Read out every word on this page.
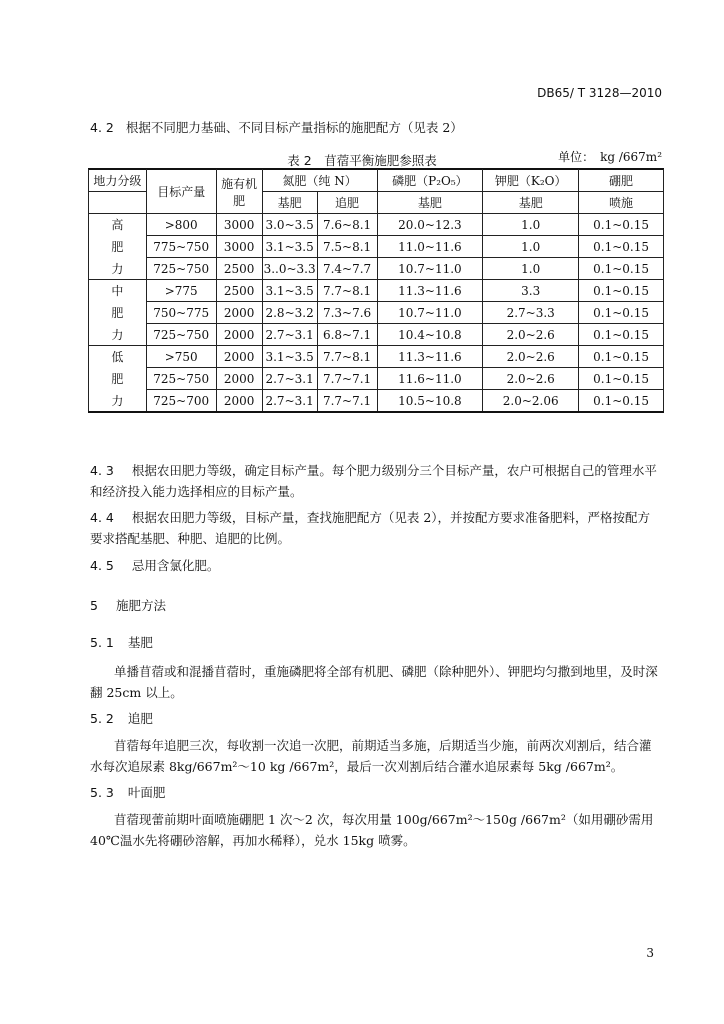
DB65/ T 3128—2010
4. 2 根据不同肥力基础、不同目标产量指标的施肥配方（见表 2）
表 2　苜蓿平衡施肥参照表	单位：　kg /667m²
地力分级	目标产量	施有机肥	氮肥（纯 N）		磷肥（P₂O₅）	钾肥（K₂O）	硼肥

			基肥	追肥	基肥	基肥	喷施
高	>800	3000	3.0~3.5	7.6~8.1	20.0~12.3	1.0	0.1~0.15
肥	775~750	3000	3.1~3.5	7.5~8.1	11.0~11.6	1.0	0.1~0.15
力	725~750	2500	3..0~3.3	7.4~7.7	10.7~11.0	1.0	0.1~0.15
中	>775	2500	3.1~3.5	7.7~8.1	11.3~11.6	3.3	0.1~0.15
肥	750~775	2000	2.8~3.2	7.3~7.6	10.7~11.0	2.7~3.3	0.1~0.15
力	725~750	2000	2.7~3.1	6.8~7.1	10.4~10.8	2.0~2.6	0.1~0.15
低	>750	2000	3.1~3.5	7.7~8.1	11.3~11.6	2.0~2.6	0.1~0.15
肥	725~750	2000	2.7~3.1	7.7~7.1	11.6~11.0	2.0~2.6	0.1~0.15
力	725~700	2000	2.7~3.1	7.7~7.1	10.5~10.8	2.0~2.06	0.1~0.15
4. 3 根据农田肥力等级，确定目标产量。每个肥力级别分三个目标产量，农户可根据自己的管理水平和经济投入能力选择相应的目标产量。
4. 4 根据农田肥力等级，目标产量，查找施肥配方（见表 2），并按配方要求准备肥料，严格按配方要求搭配基肥、种肥、追肥的比例。
4. 5 忌用含氯化肥。
5 施肥方法
5. 1 基肥
单播苜蓿或和混播苜蓿时，重施磷肥将全部有机肥、磷肥（除种肥外）、钾肥均匀撒到地里，及时深翻 25cm 以上。
5. 2 追肥
苜蓿每年追肥三次，每收割一次追一次肥，前期适当多施，后期适当少施，前两次刈割后，结合灌水每次追尿素 8kg/667m²～10 kg /667m²，最后一次刈割后结合灌水追尿素每 5kg /667m²。
5. 3 叶面肥
苜蓿现蕾前期叶面喷施硼肥 1 次～2 次，每次用量 100g/667m²～150g /667m²（如用硼砂需用 40℃温水先将硼砂溶解，再加水稀释），兑水 15kg 喷雾。
3
